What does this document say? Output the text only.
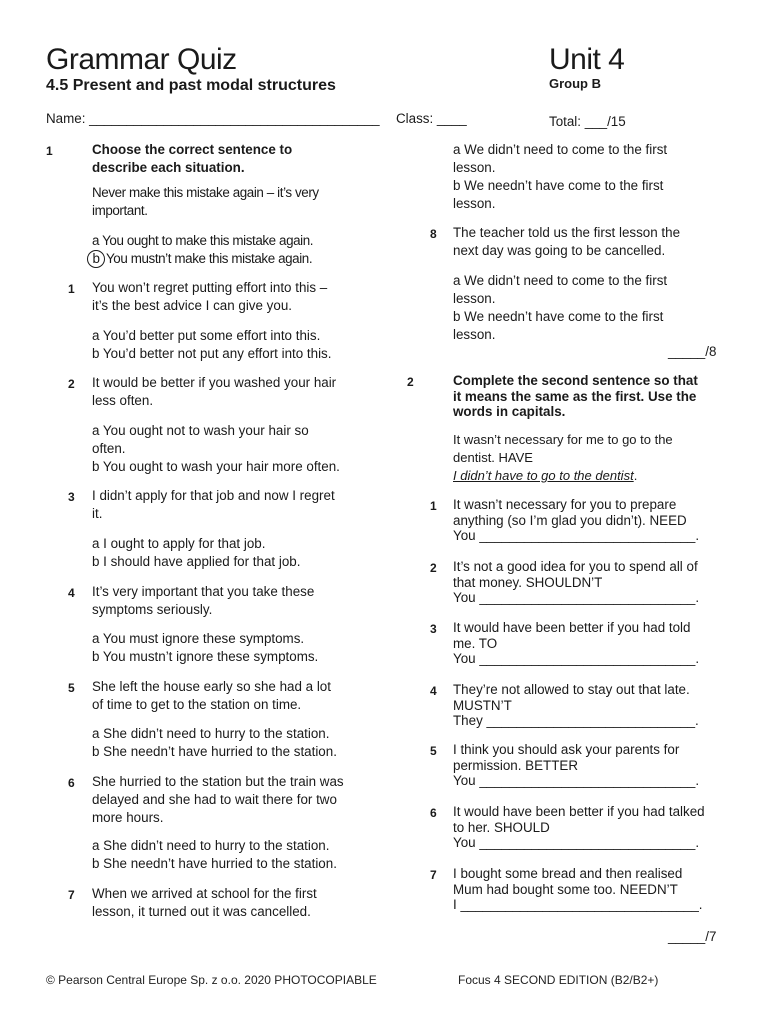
Grammar Quiz
4.5 Present and past modal structures
Unit 4
Group B
Name: _______________________________________ Class: ____	Total: ___/15
1	Choose the correct sentence to
describe each situation.
Never make this mistake again – it’s very
important.
a You ought to make this mistake again.
b You mustn’t make this mistake again.
1 You won’t regret putting effort into this –
it’s the best advice I can give you.
a You’d better put some effort into this.
b You’d better not put any effort into this.
2 It would be better if you washed your hair
less often.
a You ought not to wash your hair so
often.
b You ought to wash your hair more often.
3 I didn’t apply for that job and now I regret
it.
a I ought to apply for that job.
b I should have applied for that job.
4 It’s very important that you take these
symptoms seriously.
a You must ignore these symptoms.
b You mustn’t ignore these symptoms.
5 She left the house early so she had a lot
of time to get to the station on time.
a She didn’t need to hurry to the station.
b She needn’t have hurried to the station.
6 She hurried to the station but the train was
delayed and she had to wait there for two
more hours.
a She didn’t need to hurry to the station.
b She needn’t have hurried to the station.
7 When we arrived at school for the first
lesson, it turned out it was cancelled.
a We didn’t need to come to the first
lesson.
b We needn’t have come to the first
lesson.
8 The teacher told us the first lesson the
next day was going to be cancelled.
a We didn’t need to come to the first
lesson.
b We needn’t have come to the first
lesson.
_____/8
2	Complete the second sentence so that
it means the same as the first. Use the
words in capitals.
It wasn’t necessary for me to go to the
dentist. HAVE
I didn’t have to go to the dentist.
1 It wasn’t necessary for you to prepare
anything (so I’m glad you didn’t). NEED
You _____________________________.
2 It’s not a good idea for you to spend all of
that money. SHOULDN’T
You _____________________________.
3 It would have been better if you had told
me. TO
You _____________________________.
4 They’re not allowed to stay out that late.
MUSTN’T
They ____________________________.
5 I think you should ask your parents for
permission. BETTER
You _____________________________.
6 It would have been better if you had talked
to her. SHOULD
You _____________________________.
7 I bought some bread and then realised
Mum had bought some too. NEEDN’T
I ________________________________.
_____/7
© Pearson Central Europe Sp. z o.o. 2020 PHOTOCOPIABLE	Focus 4 SECOND EDITION (B2/B2+)
